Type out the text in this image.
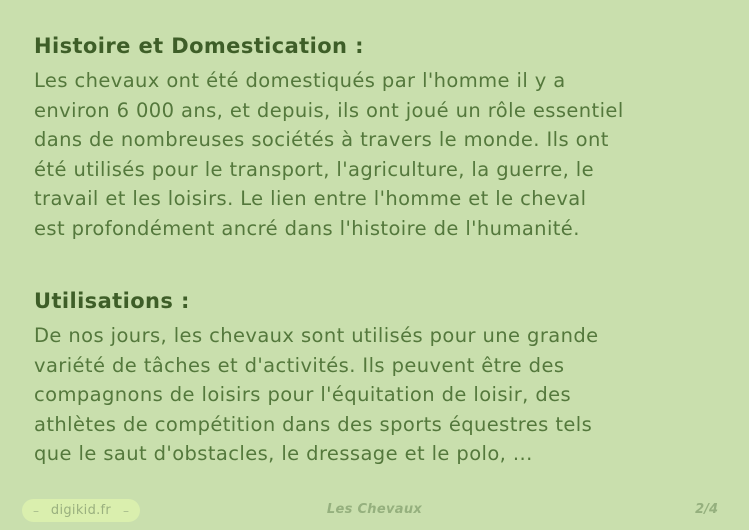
Histoire et Domestication :
Les chevaux ont été domestiqués par l'homme il y a
environ 6 000 ans, et depuis, ils ont joué un rôle essentiel
dans de nombreuses sociétés à travers le monde. Ils ont
été utilisés pour le transport, l'agriculture, la guerre, le
travail et les loisirs. Le lien entre l'homme et le cheval
est profondément ancré dans l'histoire de l'humanité.
Utilisations :
De nos jours, les chevaux sont utilisés pour une grande
variété de tâches et d'activités. Ils peuvent être des
compagnons de loisirs pour l'équitation de loisir, des
athlètes de compétition dans des sports équestres tels
que le saut d'obstacles, le dressage et le polo, ...
– digikid.fr –	Les Chevaux	2/4
